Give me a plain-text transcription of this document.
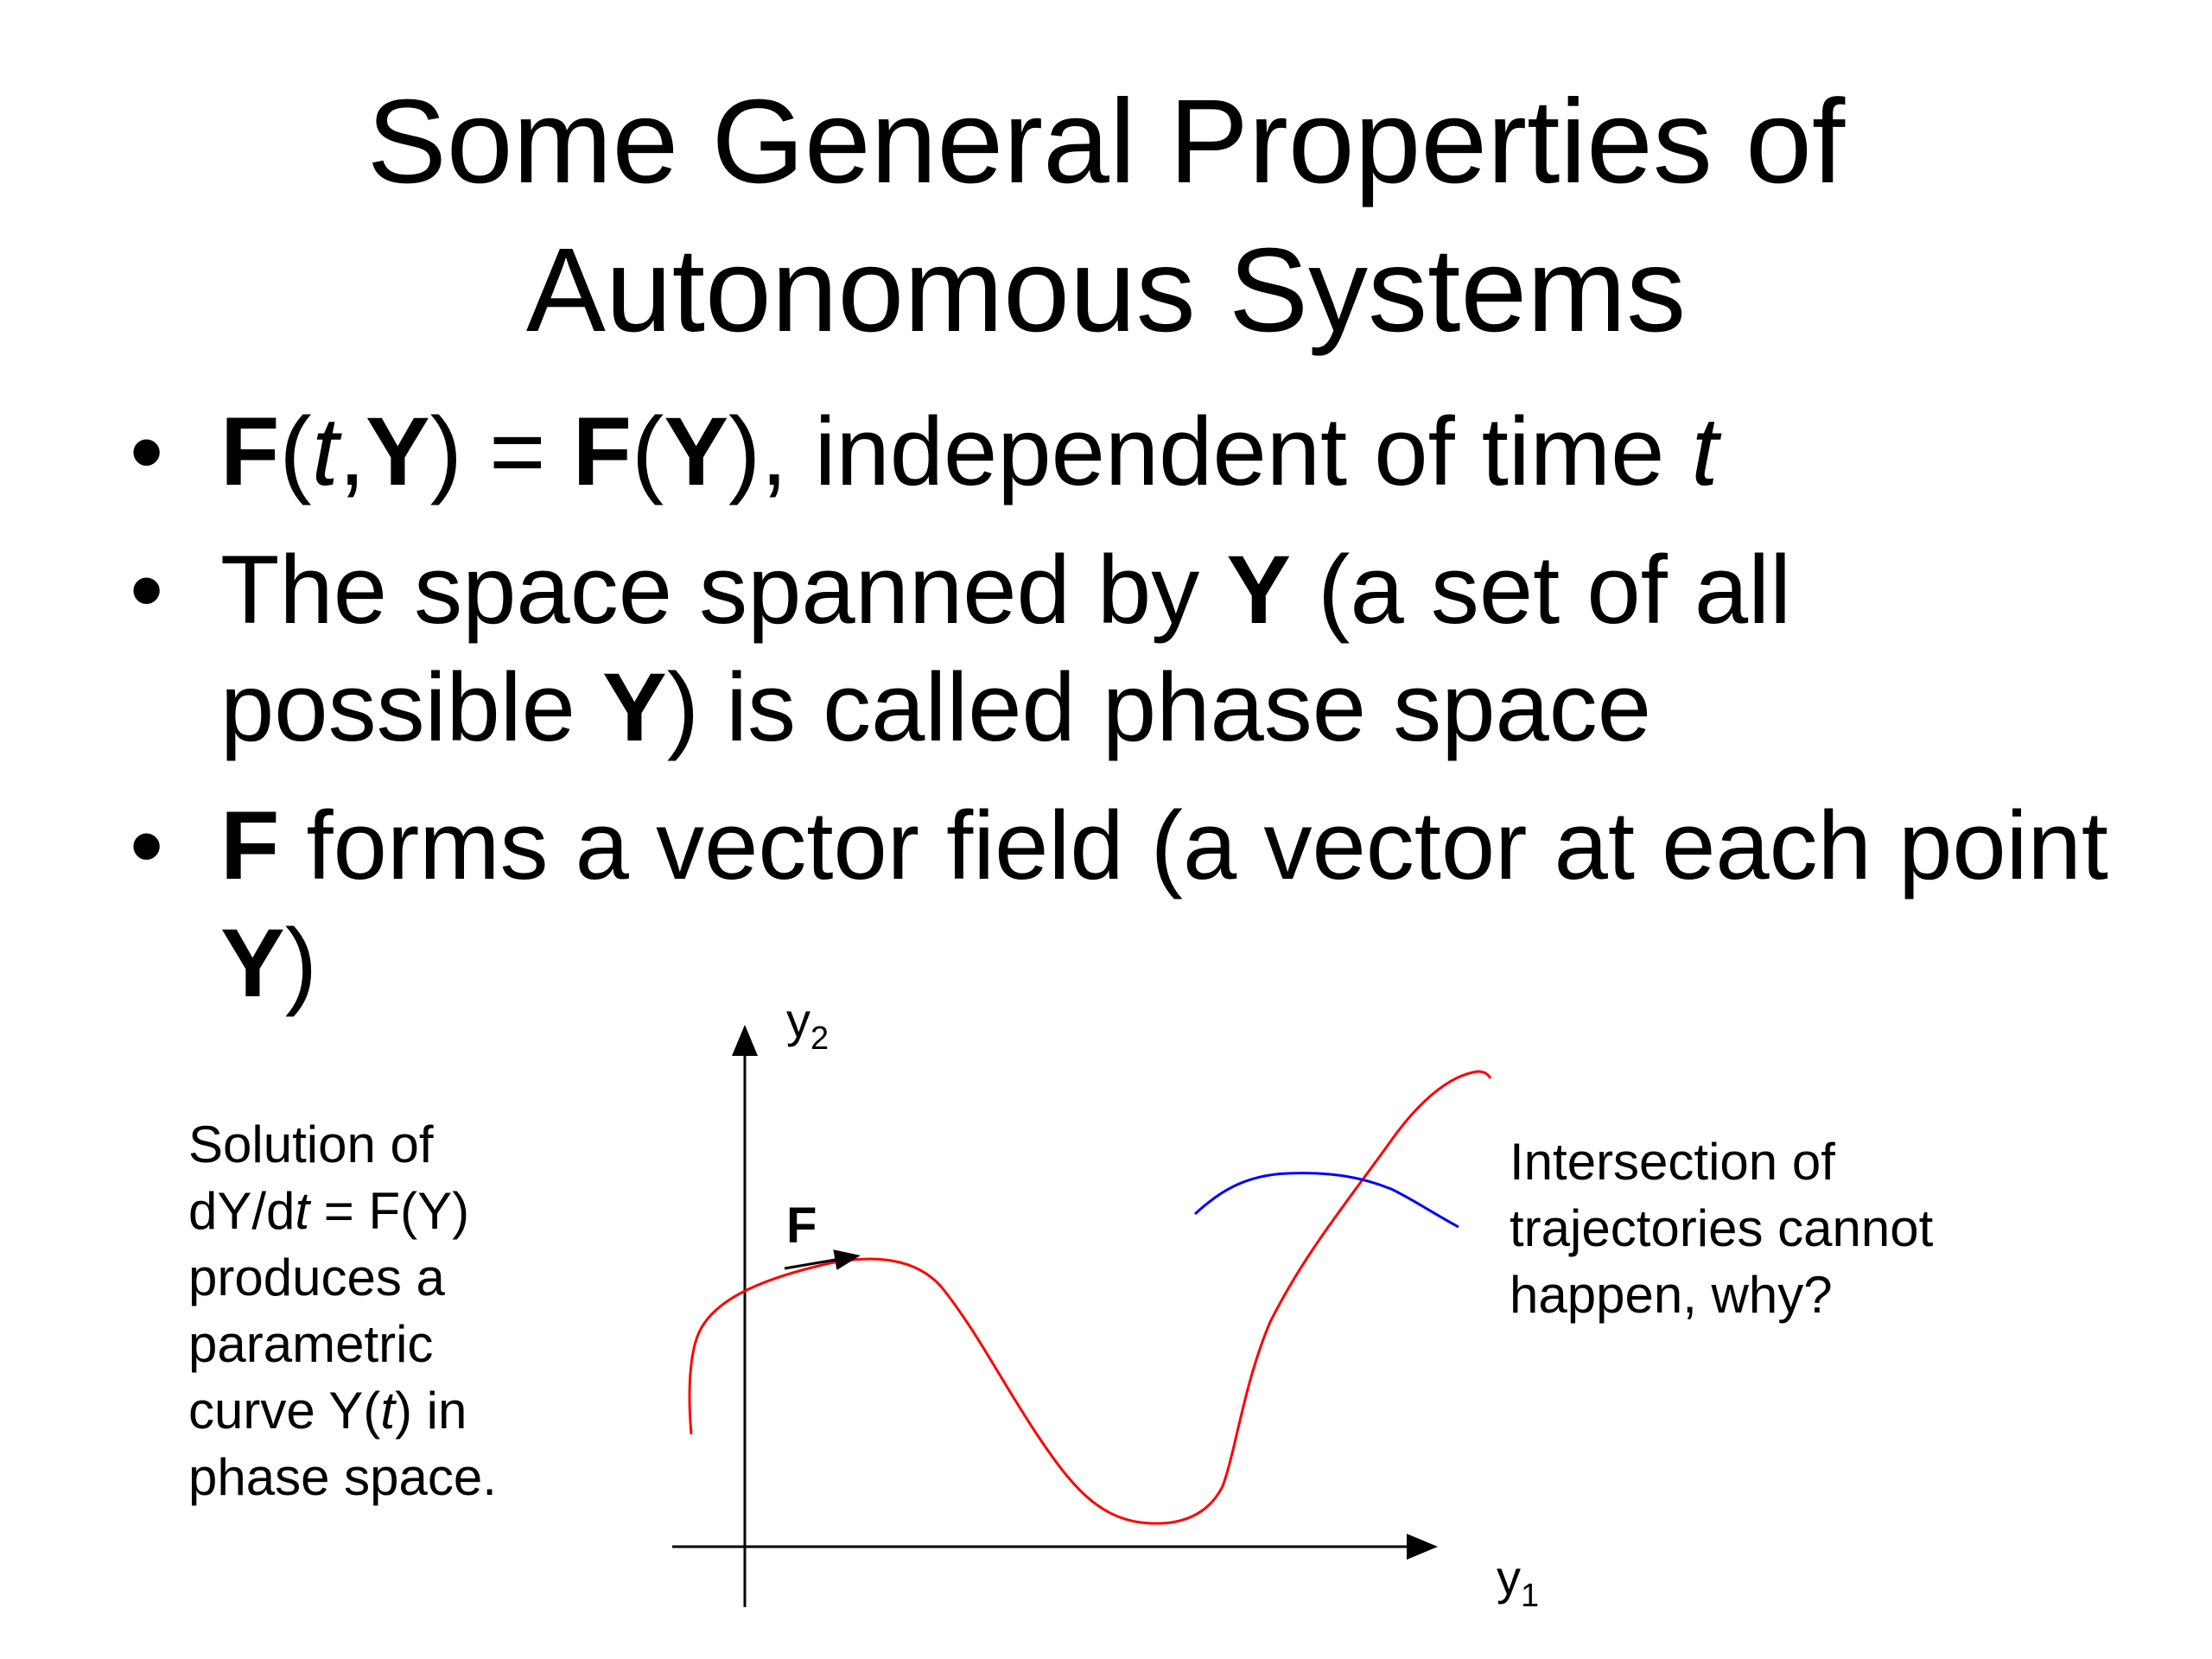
Some General Properties of
Autonomous Systems
• F(t,Y) = F(Y), independent of time t
• The space spanned by Y (a set of all possible Y) is called phase space
• F forms a vector field (a vector at each point Y)
Solution of
dY/dt = F(Y)
produces a
parametric
curve Y(t) in
phase space.
Intersection of
trajectories cannot
happen, why?
$y_2$
$y_1$
F
